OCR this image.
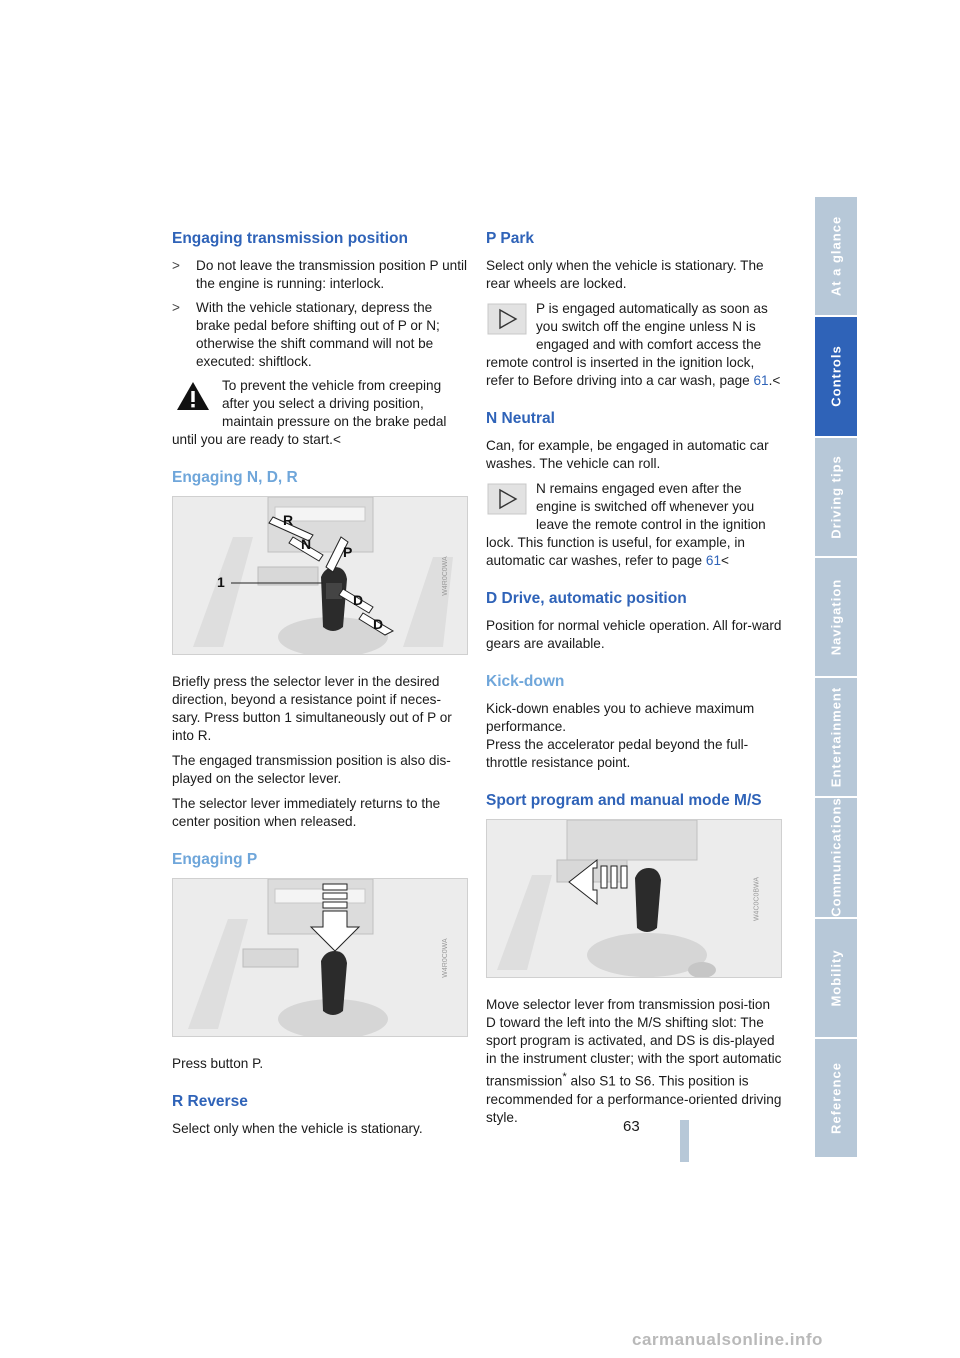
Engaging transmission position
>	Do not leave the transmission position P until the engine is running: interlock.
>	With the vehicle stationary, depress the brake pedal before shifting out of P or N; otherwise the shift command will not be executed: shiftlock.
To prevent the vehicle from creeping after you select a driving position, maintain pressure on the brake pedal until you are ready to start.<
Engaging N, D, R
R
N P
D
D
1	W4R0C0WA

Briefly press the selector lever in the desired direction, beyond a resistance point if neces-sary. Press button 1 simultaneously out of P or into R.

The engaged transmission position is also dis-played on the selector lever.

The selector lever immediately returns to the center position when released.

Engaging P
W4R0C0WA

Press button P.

R Reverse

Select only when the vehicle is stationary.

P Park

Select only when the vehicle is stationary. The rear wheels are locked.

P is engaged automatically as soon as you switch off the engine unless N is engaged and with comfort access the remote control is inserted in the ignition lock, refer to Before driving into a car wash, page 61.<
N Neutral

Can, for example, be engaged in automatic car washes. The vehicle can roll.

N remains engaged even after the engine is switched off whenever you leave the remote control in the ignition lock. This function is useful, for example, in automatic car washes, refer to page 61<
D Drive, automatic position

Position for normal vehicle operation. All for-ward gears are available.

Kick-down

Kick-down enables you to achieve maximum performance.

Press the accelerator pedal beyond the full-throttle resistance point.

Sport program and manual mode M/S
W4C0C0BWA

Move selector lever from transmission posi-tion D toward the left into the M/S shifting slot: The sport program is activated, and DS is dis-played in the instrument cluster; with the sport automatic transmission* also S1 to S6. This position is recommended for a performance-oriented driving style.

At a glance
Controls
Driving tips
Navigation
Entertainment
Communications
Mobility
Reference
63
carmanualsonline.info
